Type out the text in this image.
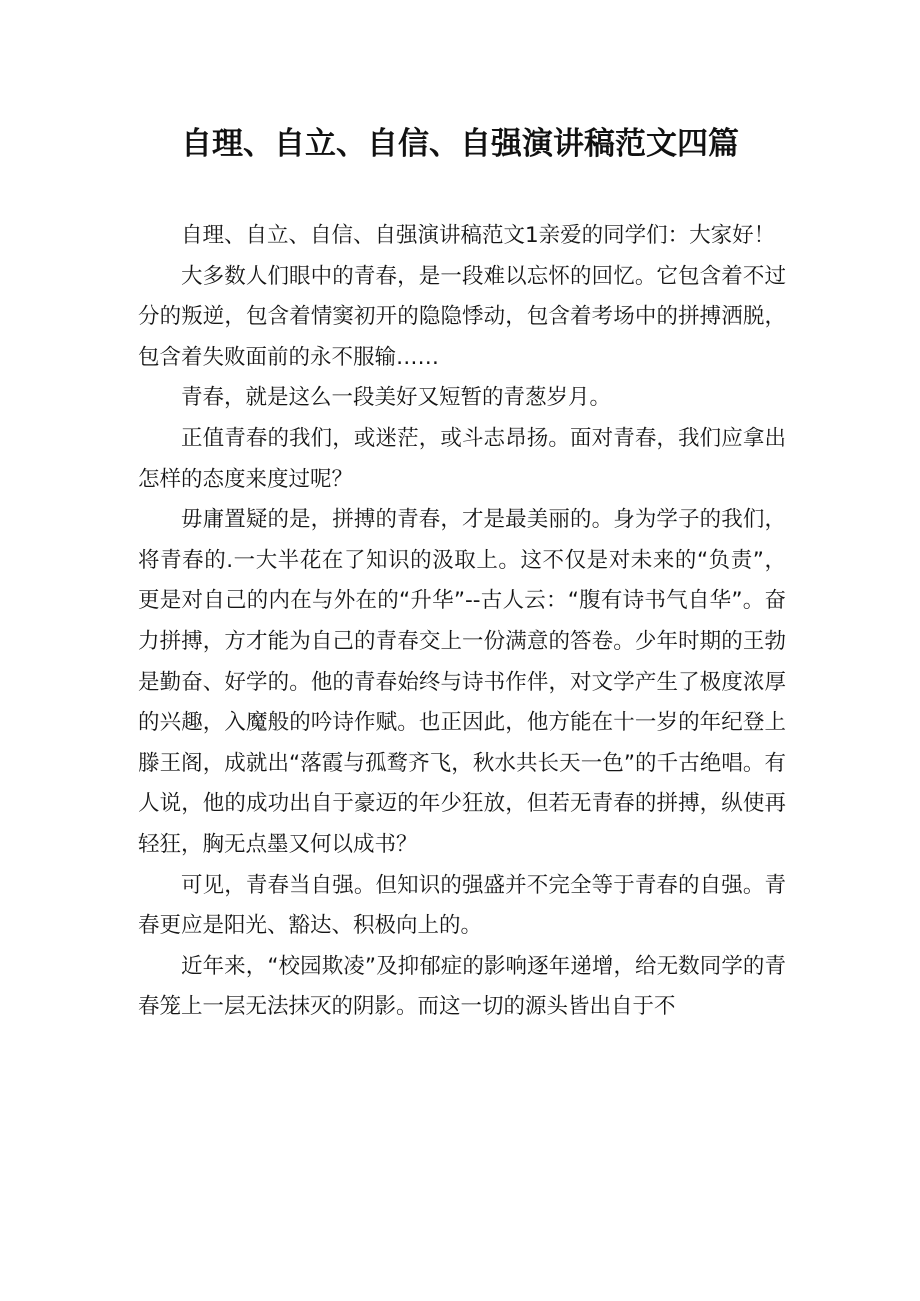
自理、自立、自信、自强演讲稿范文四篇

自理、自立、自信、自强演讲稿范文1亲爱的同学们：大家好！

大多数人们眼中的青春，是一段难以忘怀的回忆。它包含着不过分的叛逆，包含着情窦初开的隐隐悸动，包含着考场中的拼搏洒脱，包含着失败面前的永不服输……

青春，就是这么一段美好又短暂的青葱岁月。

正值青春的我们，或迷茫，或斗志昂扬。面对青春，我们应拿出怎样的态度来度过呢？

毋庸置疑的是，拼搏的青春，才是最美丽的。身为学子的我们，将青春的.一大半花在了知识的汲取上。这不仅是对未来的“负责”，更是对自己的内在与外在的“升华”--古人云：“腹有诗书气自华”。奋力拼搏，方才能为自己的青春交上一份满意的答卷。少年时期的王勃是勤奋、好学的。他的青春始终与诗书作伴，对文学产生了极度浓厚的兴趣，入魔般的吟诗作赋。也正因此，他方能在十一岁的年纪登上滕王阁，成就出“落霞与孤鹜齐飞，秋水共长天一色”的千古绝唱。有人说，他的成功出自于豪迈的年少狂放，但若无青春的拼搏，纵使再轻狂，胸无点墨又何以成书？

可见，青春当自强。但知识的强盛并不完全等于青春的自强。青春更应是阳光、豁达、积极向上的。

近年来，“校园欺凌”及抑郁症的影响逐年递增，给无数同学的青春笼上一层无法抹灭的阴影。而这一切的源头皆出自于不
